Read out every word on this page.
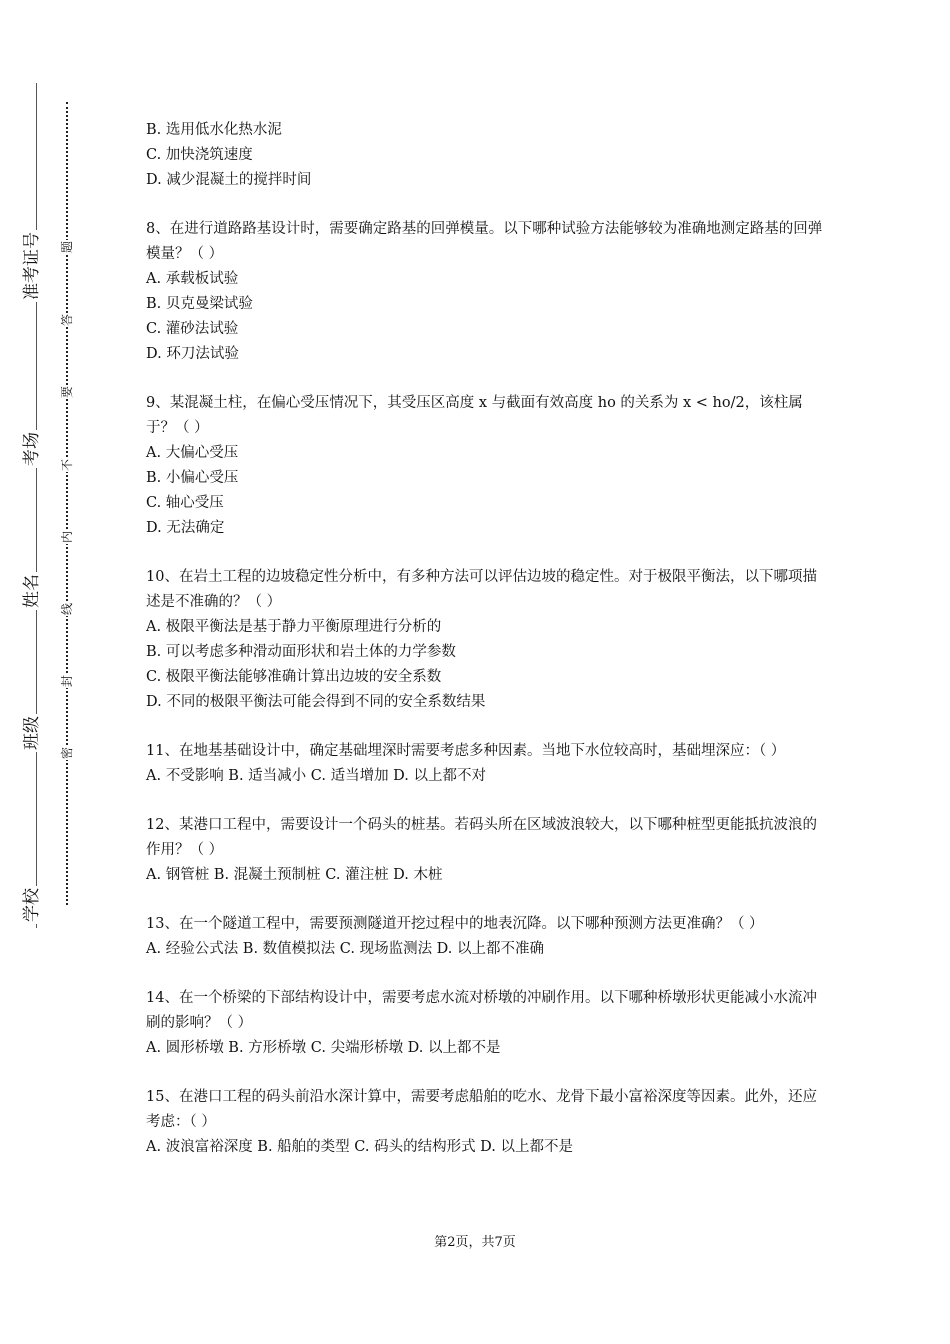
准考证号
考场
姓名
班级
学校
题
答
要
不
内
线
封
密

B. 选用低水化热水泥

C. 加快浇筑速度

D. 减少混凝土的搅拌时间

8、在进行道路路基设计时，需要确定路基的回弹模量。以下哪种试验方法能够较为准确地测定路基的回弹模量？（ ）

A. 承载板试验

B. 贝克曼梁试验

C. 灌砂法试验

D. 环刀法试验

9、某混凝土柱，在偏心受压情况下，其受压区高度 x 与截面有效高度 ho 的关系为 x < ho/2，该柱属于？（ ）

A. 大偏心受压

B. 小偏心受压

C. 轴心受压

D. 无法确定

10、在岩土工程的边坡稳定性分析中，有多种方法可以评估边坡的稳定性。对于极限平衡法，以下哪项描述是不准确的？（ ）

A. 极限平衡法是基于静力平衡原理进行分析的

B. 可以考虑多种滑动面形状和岩土体的力学参数

C. 极限平衡法能够准确计算出边坡的安全系数

D. 不同的极限平衡法可能会得到不同的安全系数结果

11、在地基基础设计中，确定基础埋深时需要考虑多种因素。当地下水位较高时，基础埋深应：（ ）

A. 不受影响 B. 适当减小 C. 适当增加 D. 以上都不对

12、某港口工程中，需要设计一个码头的桩基。若码头所在区域波浪较大，以下哪种桩型更能抵抗波浪的作用？（ ）

A. 钢管桩 B. 混凝土预制桩 C. 灌注桩 D. 木桩

13、在一个隧道工程中，需要预测隧道开挖过程中的地表沉降。以下哪种预测方法更准确？（ ）

A. 经验公式法 B. 数值模拟法 C. 现场监测法 D. 以上都不准确

14、在一个桥梁的下部结构设计中，需要考虑水流对桥墩的冲刷作用。以下哪种桥墩形状更能减小水流冲刷的影响？（ ）

A. 圆形桥墩 B. 方形桥墩 C. 尖端形桥墩 D. 以上都不是

15、在港口工程的码头前沿水深计算中，需要考虑船舶的吃水、龙骨下最小富裕深度等因素。此外，还应考虑：（ ）

A. 波浪富裕深度 B. 船舶的类型 C. 码头的结构形式 D. 以上都不是

第2页，共7页
